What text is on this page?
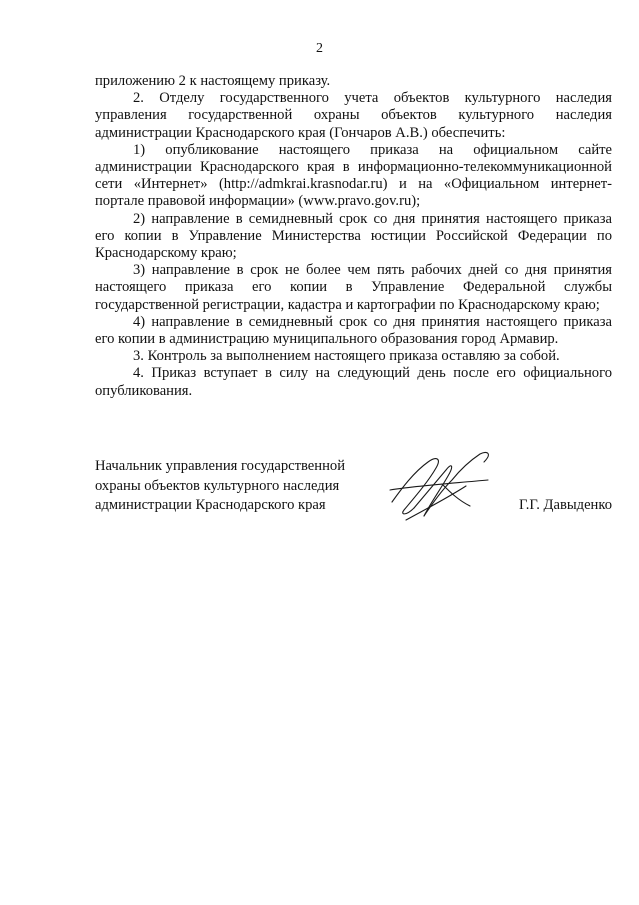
2

приложению 2 к настоящему приказу.

2. Отделу государственного учета объектов культурного наследия управления государственной охраны объектов культурного наследия администрации Краснодарского края (Гончаров А.В.) обеспечить:

1) опубликование настоящего приказа на официальном сайте администрации Краснодарского края в информационно-телекоммуникационной сети «Интернет» (http://admkrai.krasnodar.ru) и на «Официальном интернет-портале правовой информации» (www.pravo.gov.ru);

2) направление в семидневный срок со дня принятия настоящего приказа его копии в Управление Министерства юстиции Российской Федерации по Краснодарскому краю;

3) направление в срок не более чем пять рабочих дней со дня принятия настоящего приказа его копии в Управление Федеральной службы государственной регистрации, кадастра и картографии по Краснодарскому краю;

4) направление в семидневный срок со дня принятия настоящего приказа его копии в администрацию муниципального образования город Армавир.

3. Контроль за выполнением настоящего приказа оставляю за собой.

4. Приказ вступает в силу на следующий день после его официального опубликования.

Начальник управления государственной
охраны объектов культурного наследия
администрации Краснодарского края	Г.Г. Давыденко
